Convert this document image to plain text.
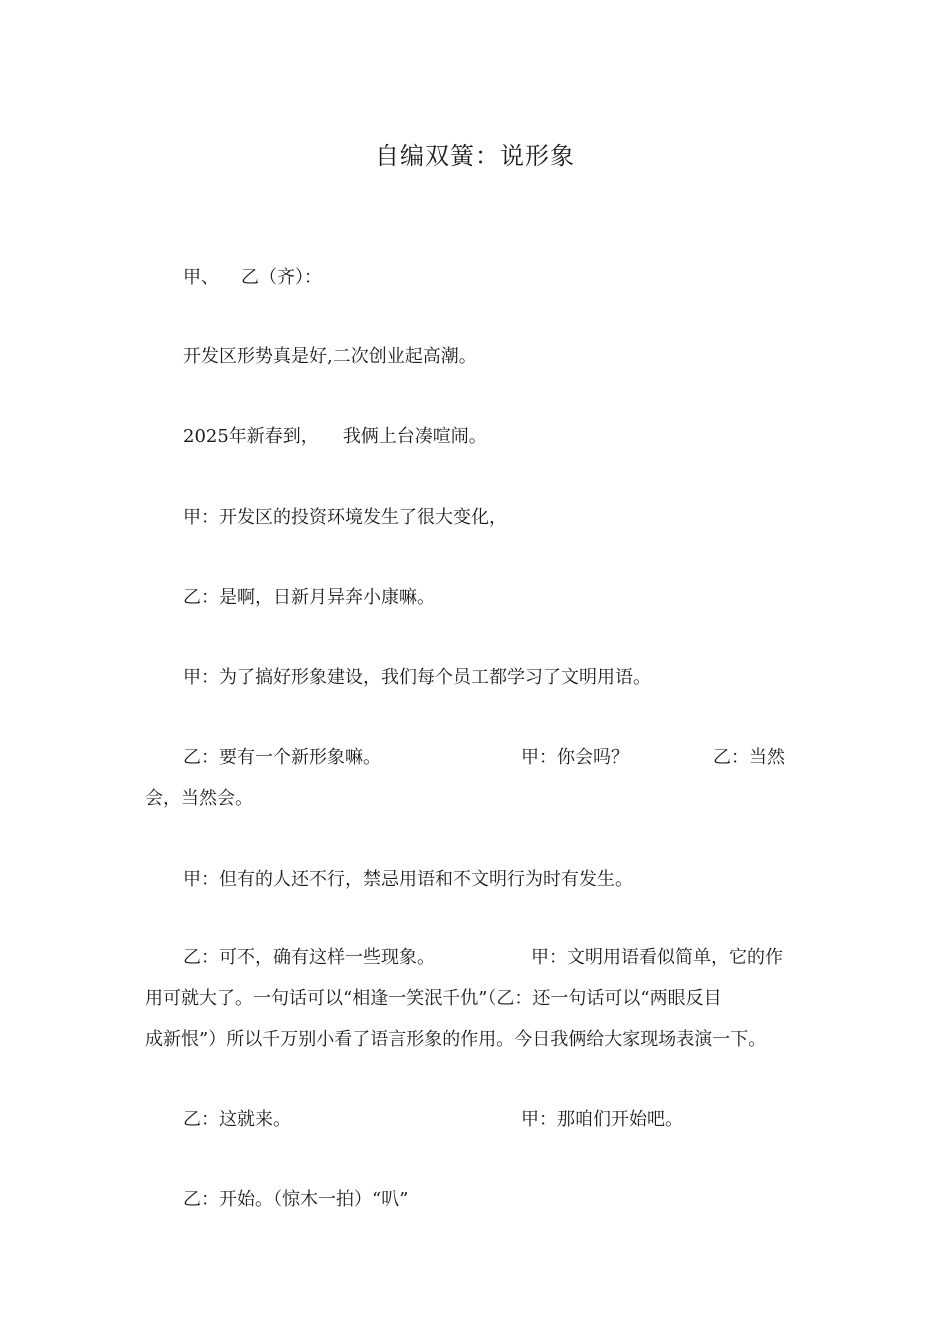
自编双簧：说形象
甲、 乙（齐）：
开发区形势真是好,二次创业起高潮。
2025年新春到， 我俩上台凑喧闹。
甲：开发区的投资环境发生了很大变化，
乙：是啊，日新月异奔小康嘛。
甲：为了搞好形象建设，我们每个员工都学习了文明用语。
乙：要有一个新形象嘛。	甲：你会吗？	乙：当然
会，当然会。
甲：但有的人还不行，禁忌用语和不文明行为时有发生。
乙：可不，确有这样一些现象。	甲：文明用语看似简单，它的作
用可就大了。一句话可以“相逢一笑泯千仇”（乙：还一句话可以“两眼反目
成新恨”）所以千万别小看了语言形象的作用。今日我俩给大家现场表演一下。
乙：这就来。	甲：那咱们开始吧。
乙：开始。（惊木一拍）“叭”
